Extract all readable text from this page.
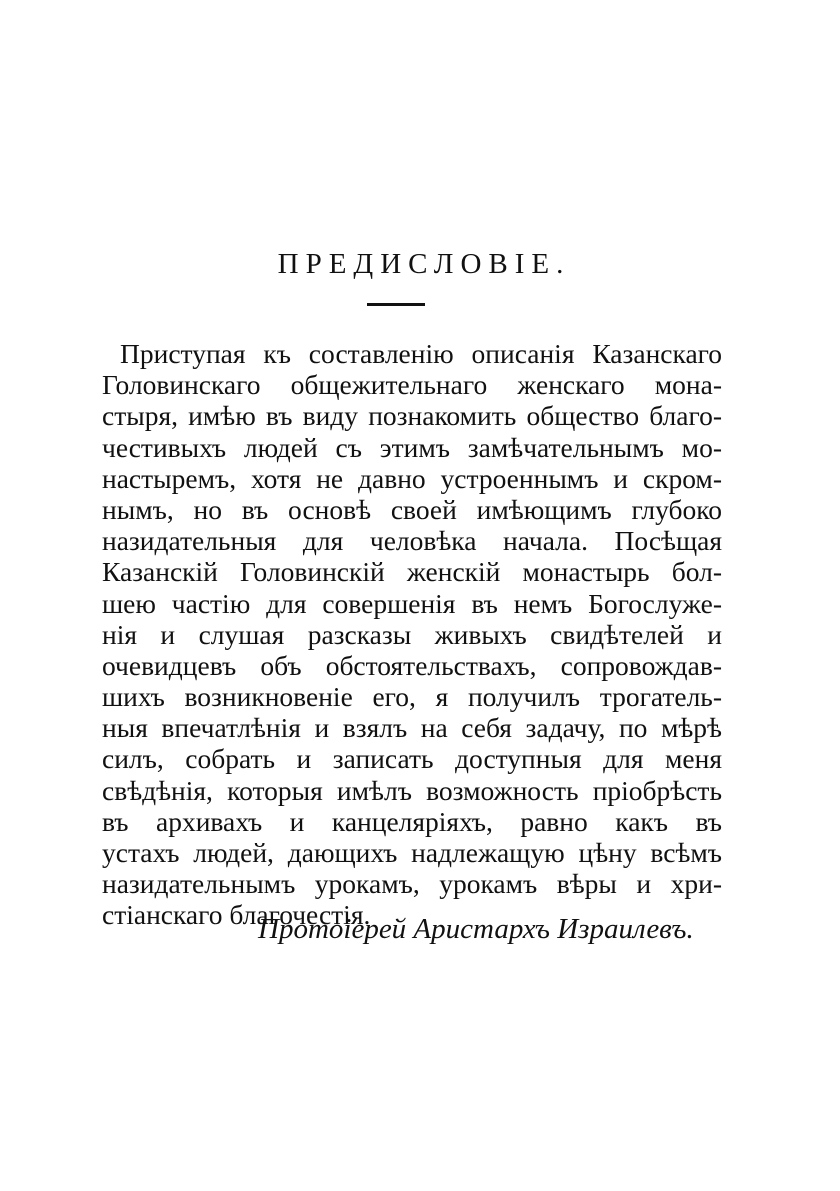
ПРЕДИСЛОВІЕ.
Приступая къ составленію описанія Казанскаго
Головинскаго общежительнаго женскаго мона-
стыря, имѣю въ виду познакомить общество благо-
честивыхъ людей съ этимъ замѣчательнымъ мо-
настыремъ, хотя не давно устроеннымъ и скром-
нымъ, но въ основѣ своей имѣющимъ глубоко
назидательныя для человѣка начала. Посѣщая
Казанскій Головинскій женскій монастырь бол-
шею частію для совершенія въ немъ Богослуже-
нія и слушая разсказы живыхъ свидѣтелей и
очевидцевъ объ обстоятельствахъ, сопровождав-
шихъ возникновеніе его, я получилъ трогатель-
ныя впечатлѣнія и взялъ на себя задачу, по мѣрѣ
силъ, собрать и записать доступныя для меня
свѣдѣнія, которыя имѣлъ возможность пріобрѣсть
въ архивахъ и канцеляріяхъ, равно какъ въ
устахъ людей, дающихъ надлежащую цѣну всѣмъ
назидательнымъ урокамъ, урокамъ вѣры и хри-
стіанскаго благочестія.
Протоіерей Аристархъ Израилевъ.
